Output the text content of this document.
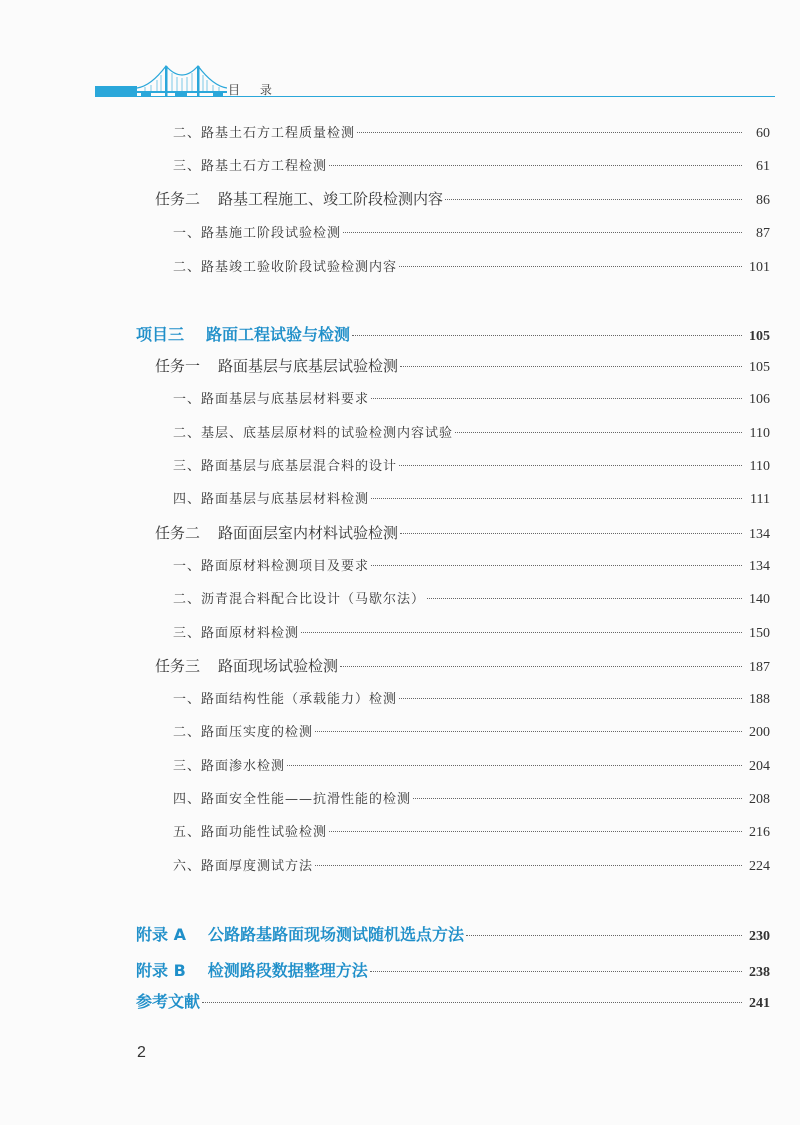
目 录
二、路基土石方工程质量检测	60
三、路基土石方工程检测	61
任务二 路基工程施工、竣工阶段检测内容	86
一、路基施工阶段试验检测	87
二、路基竣工验收阶段试验检测内容	101
项目三 路面工程试验与检测	105
任务一 路面基层与底基层试验检测	105
一、路面基层与底基层材料要求	106
二、基层、底基层原材料的试验检测内容试验	110
三、路面基层与底基层混合料的设计	110
四、路面基层与底基层材料检测	111
任务二 路面面层室内材料试验检测	134
一、路面原材料检测项目及要求	134
二、沥青混合料配合比设计（马歇尔法）	140
三、路面原材料检测	150
任务三 路面现场试验检测	187
一、路面结构性能（承载能力）检测	188
二、路面压实度的检测	200
三、路面渗水检测	204
四、路面安全性能——抗滑性能的检测	208
五、路面功能性试验检测	216
六、路面厚度测试方法	224
附录 A 公路路基路面现场测试随机选点方法	230
附录 B 检测路段数据整理方法	238
参考文献	241
2
